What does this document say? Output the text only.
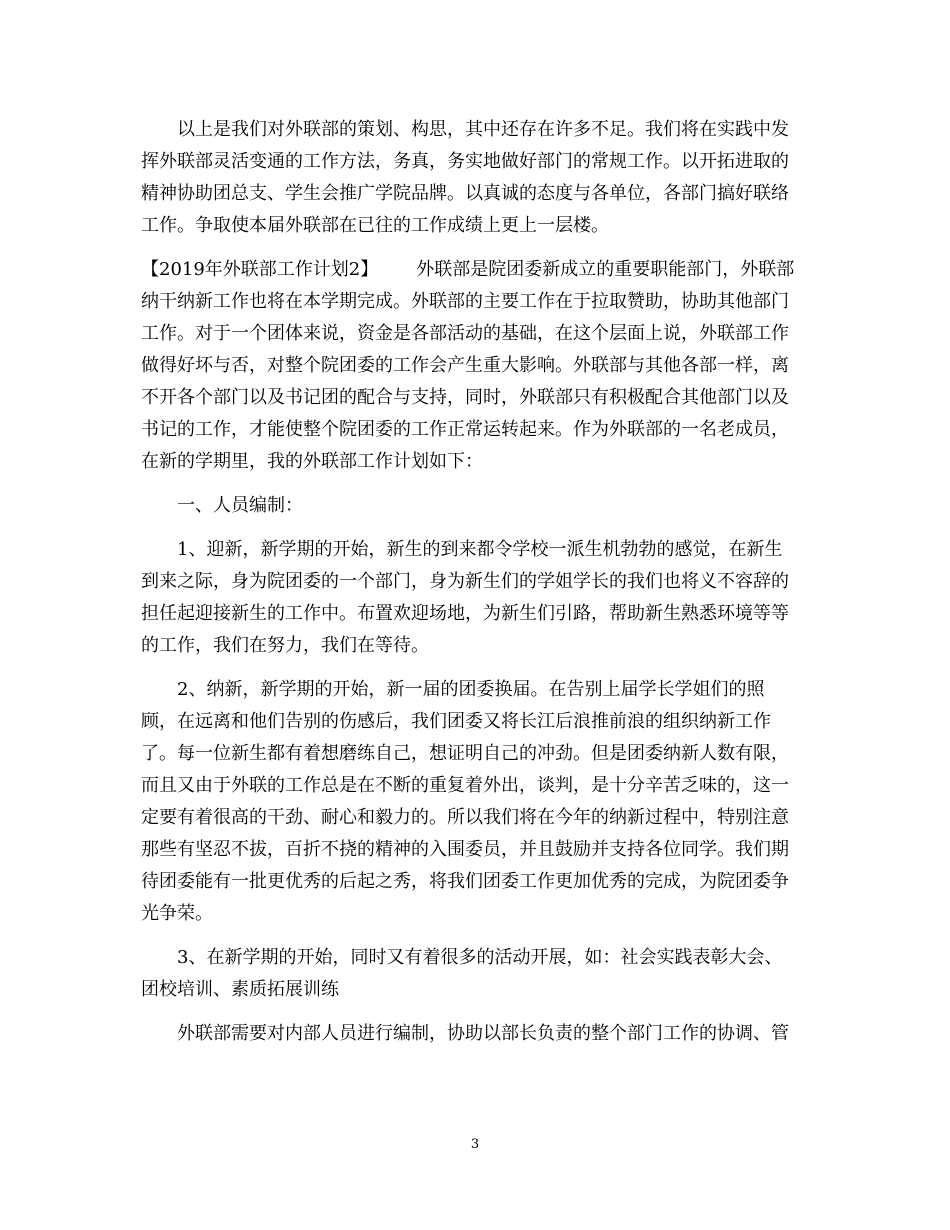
以上是我们对外联部的策划、构思，其中还存在许多不足。我们将在实践中发
挥外联部灵活变通的工作方法，务真，务实地做好部门的常规工作。以开拓进取的
精神协助团总支、学生会推广学院品牌。以真诚的态度与各单位，各部门搞好联络
工作。争取使本届外联部在已往的工作成绩上更上一层楼。
【2019年外联部工作计划2】 外联部是院团委新成立的重要职能部门，外联部
纳干纳新工作也将在本学期完成。外联部的主要工作在于拉取赞助，协助其他部门
工作。对于一个团体来说，资金是各部活动的基础，在这个层面上说，外联部工作
做得好坏与否，对整个院团委的工作会产生重大影响。外联部与其他各部一样，离
不开各个部门以及书记团的配合与支持，同时，外联部只有积极配合其他部门以及
书记的工作，才能使整个院团委的工作正常运转起来。作为外联部的一名老成员，
在新的学期里，我的外联部工作计划如下：
一、人员编制：
1、迎新，新学期的开始，新生的到来都令学校一派生机勃勃的感觉，在新生
到来之际，身为院团委的一个部门，身为新生们的学姐学长的我们也将义不容辞的
担任起迎接新生的工作中。布置欢迎场地，为新生们引路，帮助新生熟悉环境等等
的工作，我们在努力，我们在等待。
2、纳新，新学期的开始，新一届的团委换届。在告别上届学长学姐们的照
顾，在远离和他们告别的伤感后，我们团委又将长江后浪推前浪的组织纳新工作
了。每一位新生都有着想磨练自己，想证明自己的冲劲。但是团委纳新人数有限，
而且又由于外联的工作总是在不断的重复着外出，谈判，是十分辛苦乏味的，这一
定要有着很高的干劲、耐心和毅力的。所以我们将在今年的纳新过程中，特别注意
那些有坚忍不拔，百折不挠的精神的入围委员，并且鼓励并支持各位同学。我们期
待团委能有一批更优秀的后起之秀，将我们团委工作更加优秀的完成，为院团委争
光争荣。
3、在新学期的开始，同时又有着很多的活动开展，如：社会实践表彰大会、
团校培训、素质拓展训练
外联部需要对内部人员进行编制，协助以部长负责的整个部门工作的协调、管
3
